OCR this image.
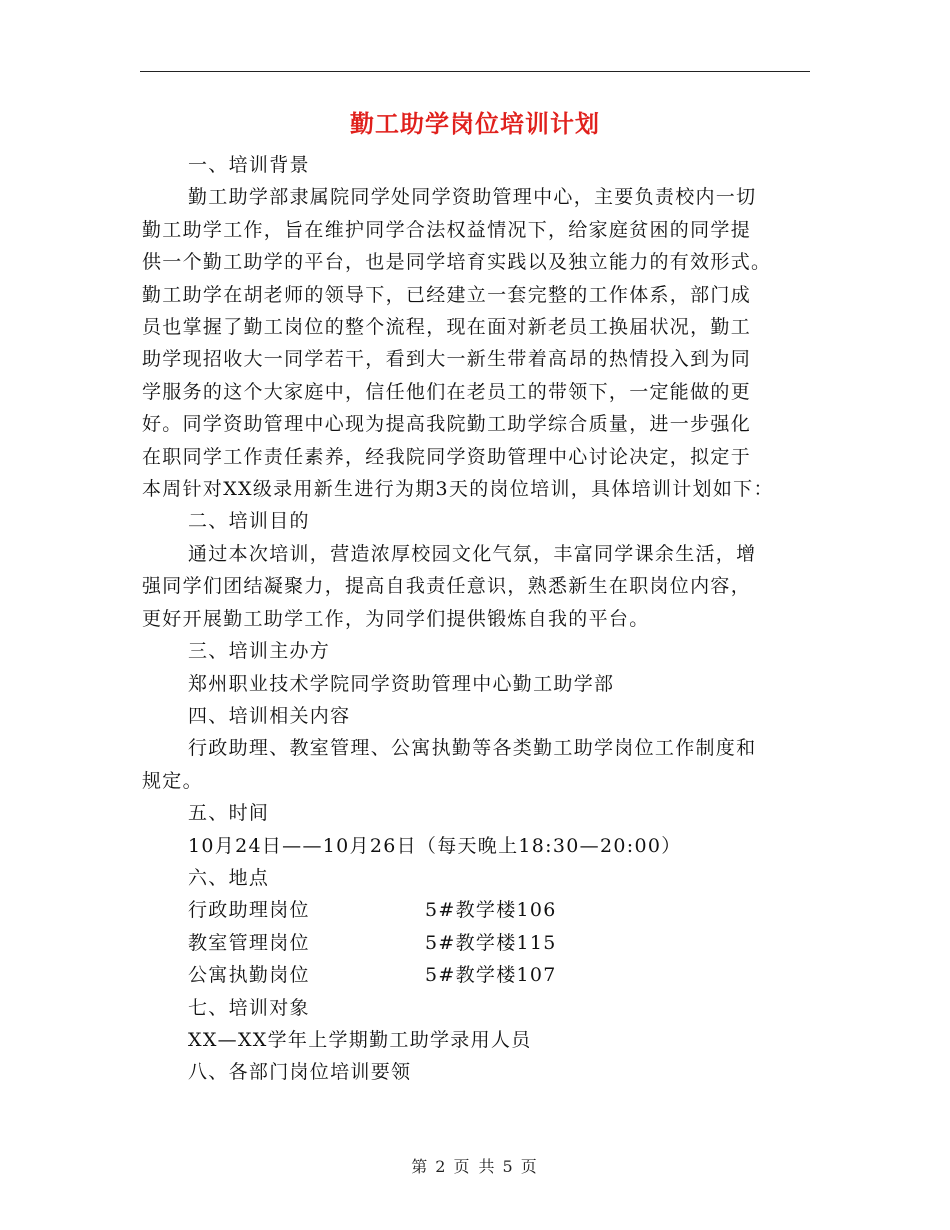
勤工助学岗位培训计划

一、培训背景

勤工助学部隶属院同学处同学资助管理中心，主要负责校内一切

勤工助学工作，旨在维护同学合法权益情况下，给家庭贫困的同学提

供一个勤工助学的平台，也是同学培育实践以及独立能力的有效形式。

勤工助学在胡老师的领导下，已经建立一套完整的工作体系，部门成

员也掌握了勤工岗位的整个流程，现在面对新老员工换届状况，勤工

助学现招收大一同学若干，看到大一新生带着高昂的热情投入到为同

学服务的这个大家庭中，信任他们在老员工的带领下，一定能做的更

好。同学资助管理中心现为提高我院勤工助学综合质量，进一步强化

在职同学工作责任素养，经我院同学资助管理中心讨论决定，拟定于

本周针对XX级录用新生进行为期3天的岗位培训，具体培训计划如下：

二、培训目的

通过本次培训，营造浓厚校园文化气氛，丰富同学课余生活，增

强同学们团结凝聚力，提高自我责任意识，熟悉新生在职岗位内容，

更好开展勤工助学工作，为同学们提供锻炼自我的平台。

三、培训主办方

郑州职业技术学院同学资助管理中心勤工助学部

四、培训相关内容

行政助理、教室管理、公寓执勤等各类勤工助学岗位工作制度和

规定。

五、时间

10月24日——10月26日（每天晚上18:30—20:00）

六、地点

行政助理岗位	5#教学楼106

教室管理岗位	5#教学楼115

公寓执勤岗位	5#教学楼107

七、培训对象

XX—XX学年上学期勤工助学录用人员

八、各部门岗位培训要领

第 2 页 共 5 页
